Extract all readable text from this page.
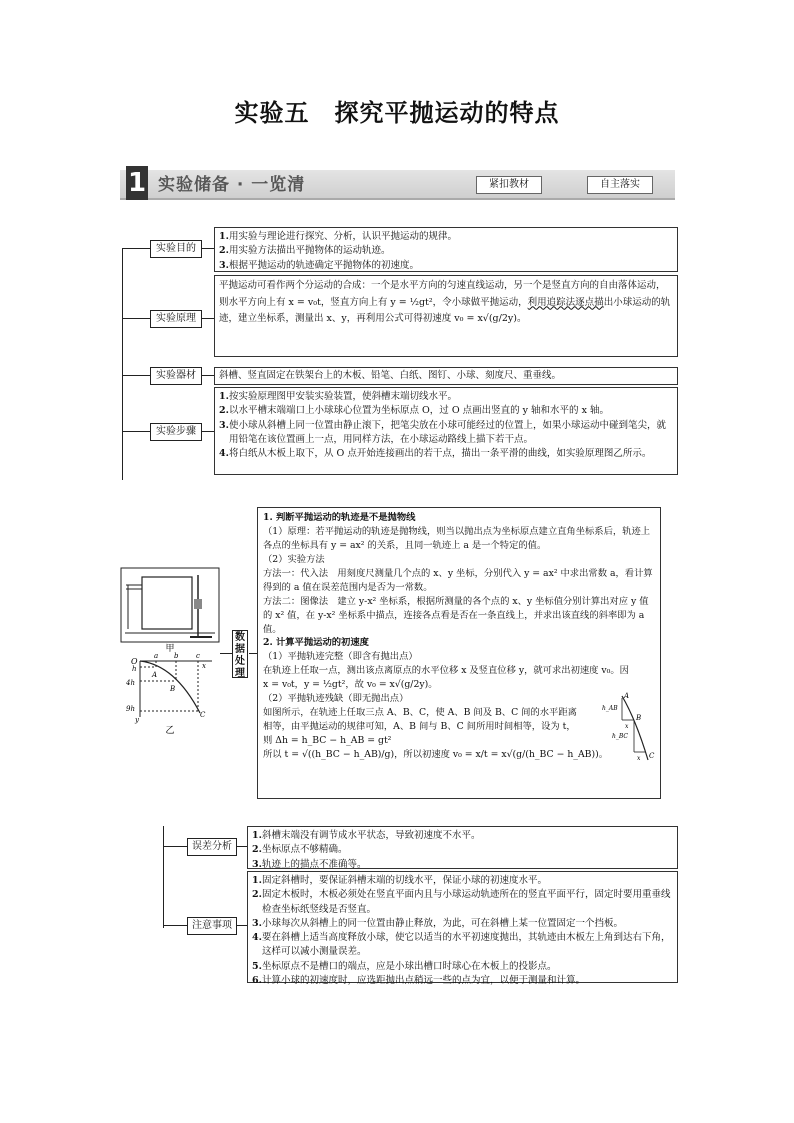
实验五　探究平抛运动的特点
1 实验储备 · 一览清	紧扣教材	自主落实
实验目的
1. 用实验与理论进行探究、分析，认识平抛运动的规律。
2. 用实验方法描出平抛物体的运动轨迹。
3. 根据平抛运动的轨迹确定平抛物体的初速度。
实验原理
平抛运动可看作两个分运动的合成：一个是水平方向的匀速直线运动，另一个是竖直方向的自由落体运动，则水平方向上有 x = v₀t，竖直方向上有 y = ½gt²，令小球做平抛运动，利用追踪法逐点描出小球运动的轨迹，建立坐标系，测量出 x、y，再利用公式可得初速度 v₀ = x√(g/2y)。
实验器材	斜槽、竖直固定在铁架台上的木板、铅笔、白纸、图钉、小球、刻度尺、重垂线。
实验步骤
1. 按实验原理图甲安装实验装置，使斜槽末端切线水平。
2. 以水平槽末端端口上小球球心位置为坐标原点 O，过 O 点画出竖直的 y 轴和水平的 x 轴。
3. 使小球从斜槽上同一位置由静止滚下，把笔尖放在小球可能经过的位置上，如果小球运动中碰到笔尖，就用铅笔在该位置画上一点，用同样方法，在小球运动路线上描下若干点。
4. 将白纸从木板上取下，从 O 点开始连接画出的若干点，描出一条平滑的曲线，如实验原理图乙所示。
甲
O
a b	c
x
h
4h
9h
y
A
B
C
乙
数据处理

1. 判断平抛运动的轨迹是不是抛物线

（1）原理：若平抛运动的轨迹是抛物线，则当以抛出点为坐标原点建立直角坐标系后，轨迹上各点的坐标具有 y = ax² 的关系，且同一轨迹上 a 是一个特定的值。

（2）实验方法

方法一：代入法　用刻度尺测量几个点的 x、y 坐标，分别代入 y = ax² 中求出常数 a，看计算得到的 a 值在误差范围内是否为一常数。

方法二：图像法　建立 y-x² 坐标系，根据所测量的各个点的 x、y 坐标值分别计算出对应 y 值的 x² 值，在 y-x² 坐标系中描点，连接各点看是否在一条直线上，并求出该直线的斜率即为 a 值。

2. 计算平抛运动的初速度

（1）平抛轨迹完整（即含有抛出点）

在轨迹上任取一点，测出该点离原点的水平位移 x 及竖直位移 y，就可求出初速度 v₀。因

x = v₀t，y = ½gt²，故 v₀ = x√(g/2y)。

（2）平抛轨迹残缺（即无抛出点）

如图所示，在轨迹上任取三点 A、B、C，使 A、B 间及 B、C 间的水平距离相等，由平抛运动的规律可知，A、B 间与 B、C 间所用时间相等，设为 t，则 Δh = h_BC − h_AB = gt²

所以 t = √((h_BC − h_AB)/g)，所以初速度 v₀ = x/t = x√(g/(h_BC − h_AB))。

A
B
C
h_AB
h_BC
x
x
误差分析
1. 斜槽末端没有调节成水平状态，导致初速度不水平。
2. 坐标原点不够精确。
3. 轨迹上的描点不准确等。
注意事项
1. 固定斜槽时，要保证斜槽末端的切线水平，保证小球的初速度水平。
2. 固定木板时，木板必须处在竖直平面内且与小球运动轨迹所在的竖直平面平行，固定时要用重垂线检查坐标纸竖线是否竖直。
3. 小球每次从斜槽上的同一位置由静止释放，为此，可在斜槽上某一位置固定一个挡板。
4. 要在斜槽上适当高度释放小球，使它以适当的水平初速度抛出，其轨迹由木板左上角到达右下角，这样可以减小测量误差。
5. 坐标原点不是槽口的端点，应是小球出槽口时球心在木板上的投影点。
6. 计算小球的初速度时，应选距抛出点稍远一些的点为宜，以便于测量和计算。
